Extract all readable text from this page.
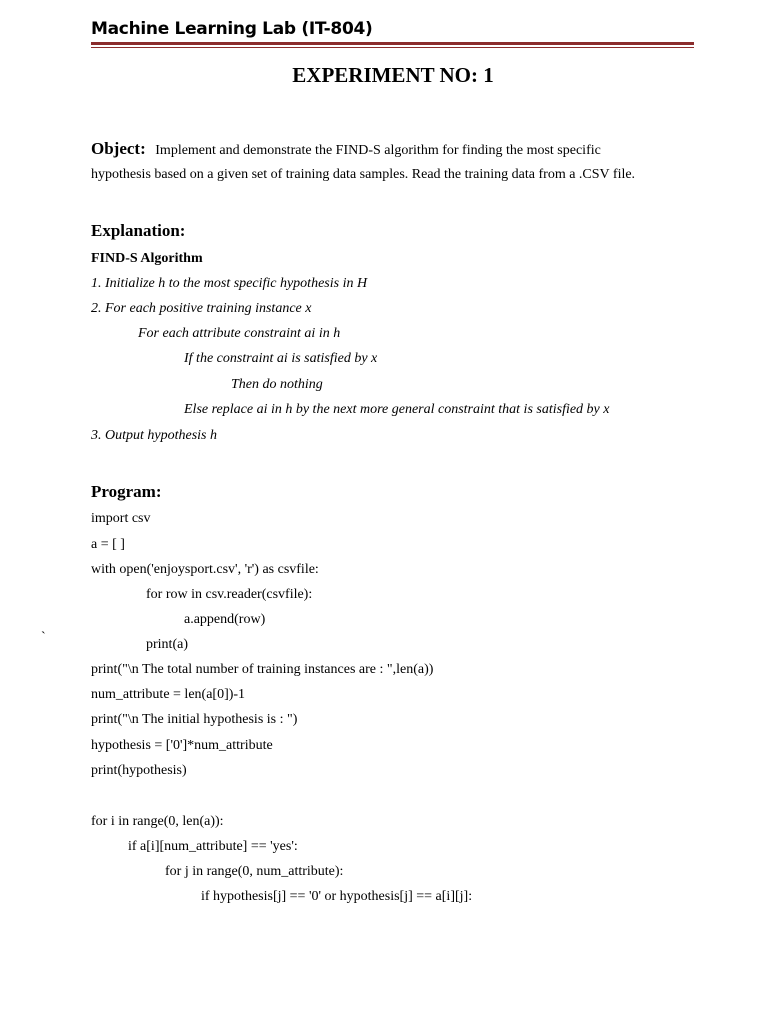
Machine Learning Lab (IT-804)
EXPERIMENT NO: 1
Object: Implement and demonstrate the FIND-S algorithm for finding the most specific
hypothesis based on a given set of training data samples. Read the training data from a .CSV file.
Explanation:
FIND-S Algorithm
1. Initialize h to the most specific hypothesis in H
2. For each positive training instance x
For each attribute constraint ai in h
If the constraint ai is satisfied by x
Then do nothing
Else replace ai in h by the next more general constraint that is satisfied by x
3. Output hypothesis h
Program:
import csv
a = [ ]
with open('enjoysport.csv', 'r') as csvfile:
for row in csv.reader(csvfile):
a.append(row)
`	print(a)
print("\n The total number of training instances are : ",len(a))
num_attribute = len(a[0])-1
print("\n The initial hypothesis is : ")
hypothesis = ['0']*num_attribute
print(hypothesis)
for i in range(0, len(a)):
if a[i][num_attribute] == 'yes':
for j in range(0, num_attribute):
if hypothesis[j] == '0' or hypothesis[j] == a[i][j]:
